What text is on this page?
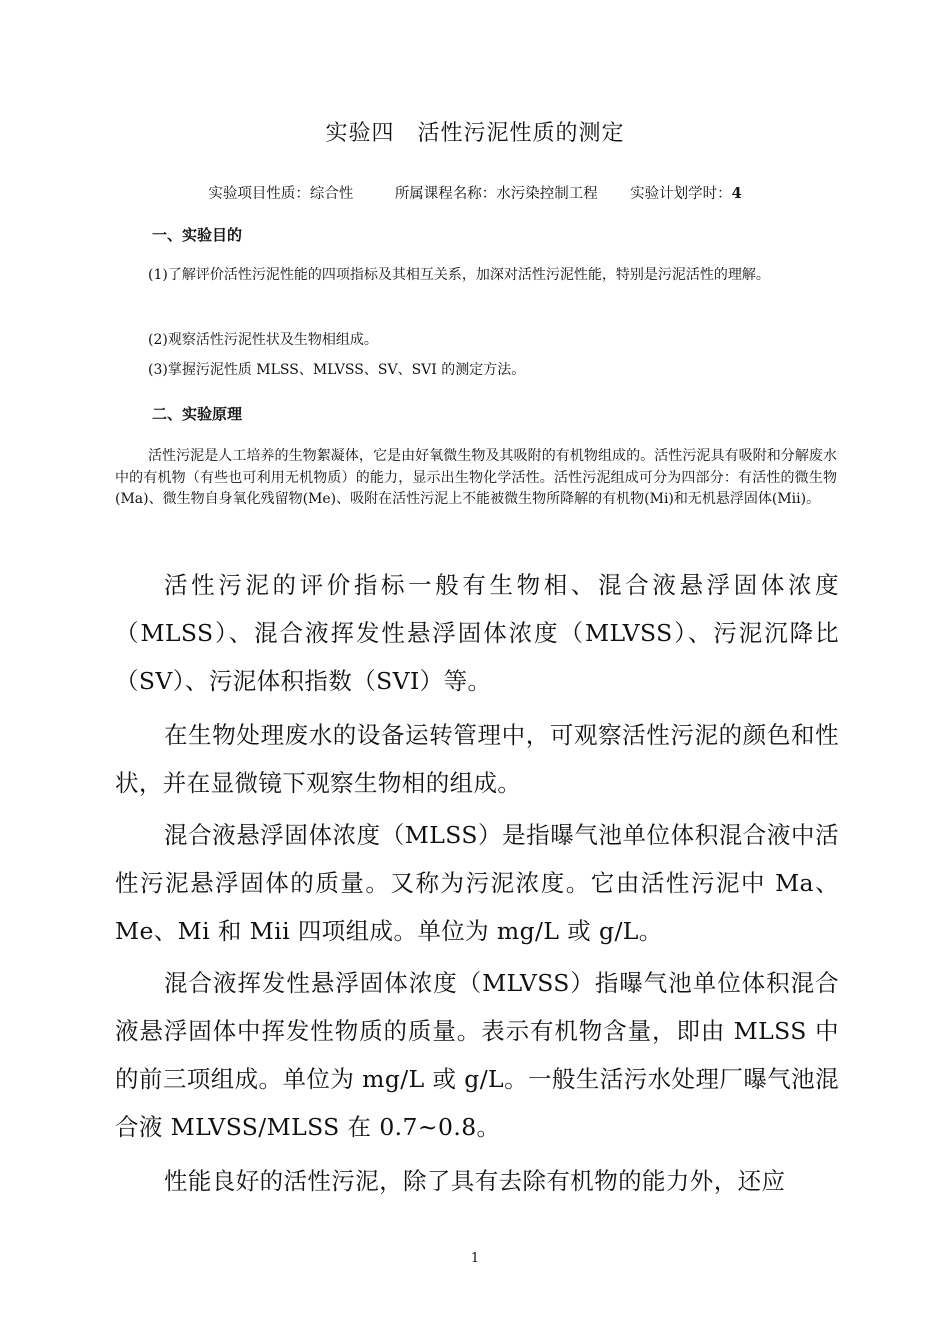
实验四　活性污泥性质的测定
实验项目性质：综合性	所属课程名称：水污染控制工程 实验计划学时：4
一、实验目的
(1)了解评价活性污泥性能的四项指标及其相互关系，加深对活性污泥性能，特别是污泥活性的理解。
(2)观察活性污泥性状及生物相组成。
(3)掌握污泥性质 MLSS、MLVSS、SV、SVI 的测定方法。
二、实验原理
活性污泥是人工培养的生物絮凝体，它是由好氧微生物及其吸附的有机物组成的。活性污泥具有吸附和分解废水中的有机物（有些也可利用无机物质）的能力，显示出生物化学活性。活性污泥组成可分为四部分：有活性的微生物(Ma)、微生物自身氧化残留物(Me)、吸附在活性污泥上不能被微生物所降解的有机物(Mi)和无机悬浮固体(Mii)。
活性污泥的评价指标一般有生物相、混合液悬浮固体浓度（MLSS）、混合液挥发性悬浮固体浓度（MLVSS）、污泥沉降比（SV）、污泥体积指数（SVI）等。
在生物处理废水的设备运转管理中，可观察活性污泥的颜色和性状，并在显微镜下观察生物相的组成。
混合液悬浮固体浓度（MLSS）是指曝气池单位体积混合液中活性污泥悬浮固体的质量。又称为污泥浓度。它由活性污泥中 Ma、Me、Mi 和 Mii 四项组成。单位为 mg/L 或 g/L。
混合液挥发性悬浮固体浓度（MLVSS）指曝气池单位体积混合液悬浮固体中挥发性物质的质量。表示有机物含量，即由 MLSS 中的前三项组成。单位为 mg/L 或 g/L。一般生活污水处理厂曝气池混合液 MLVSS/MLSS 在 0.7~0.8。
性能良好的活性污泥，除了具有去除有机物的能力外，还应
1
